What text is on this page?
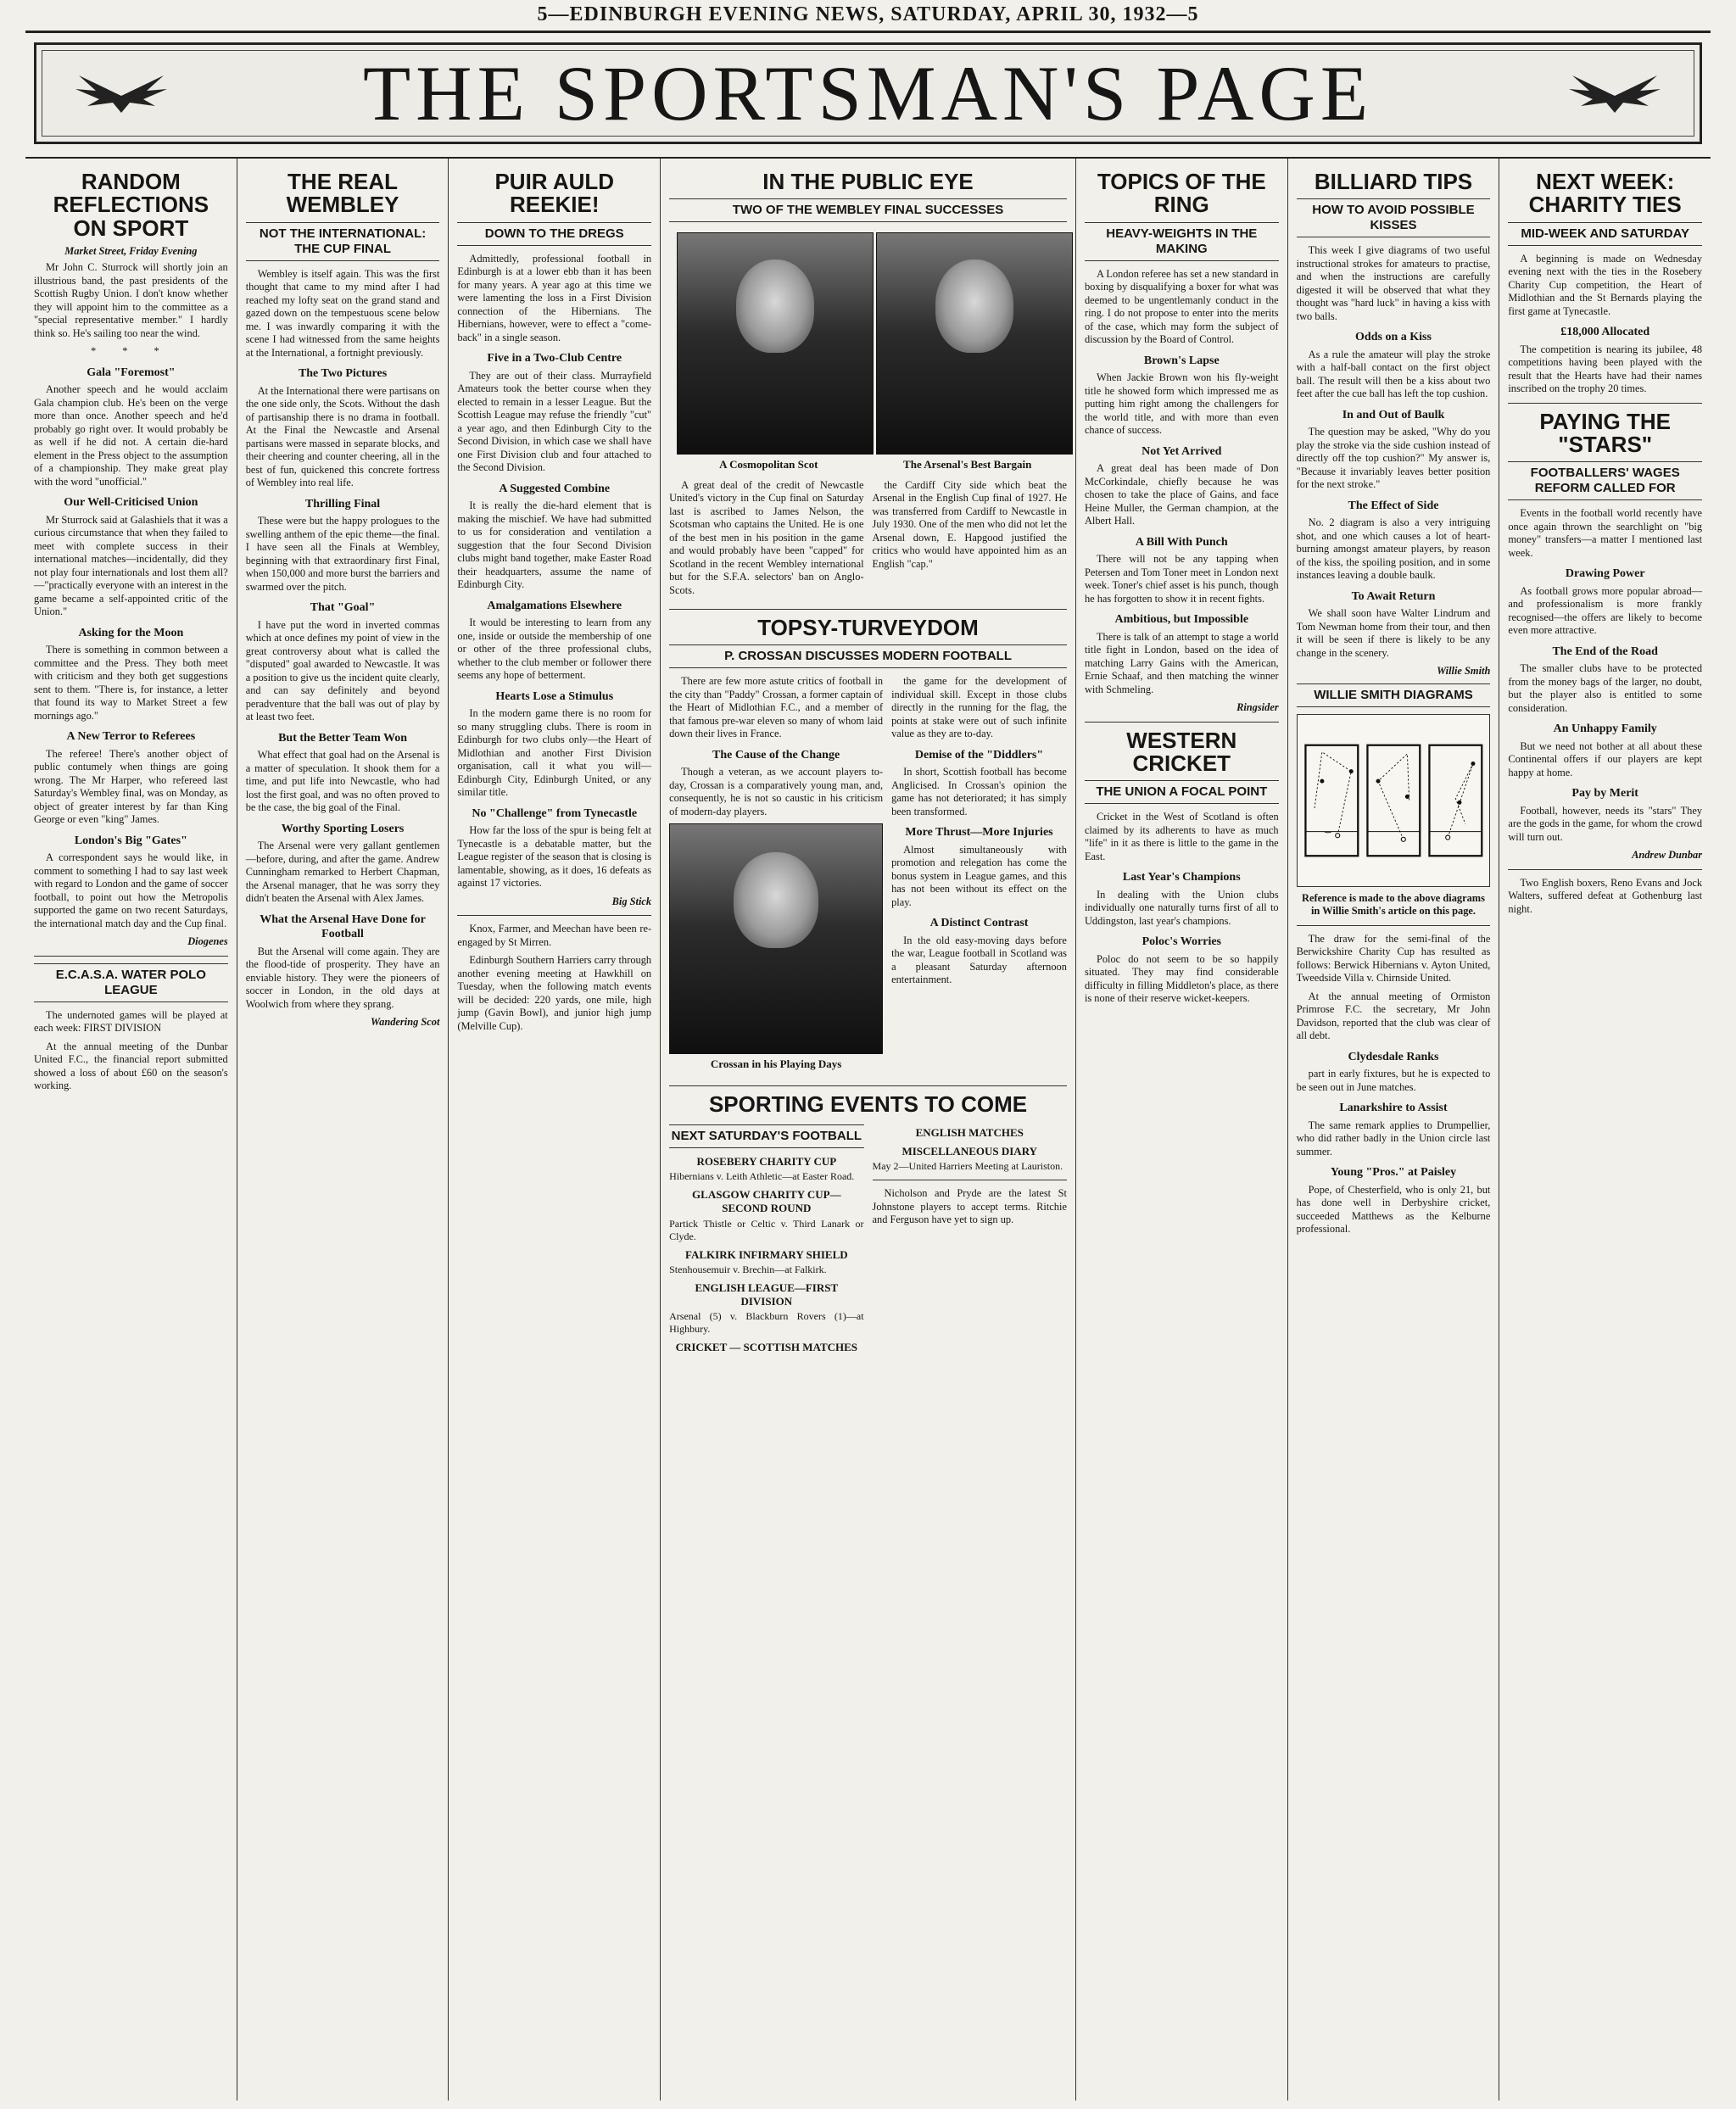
5—EDINBURGH EVENING NEWS, SATURDAY, APRIL 30, 1932—5
THE SPORTSMAN'S PAGE
RANDOM REFLECTIONS ON SPORT
Market Street, Friday Evening

Mr John C. Sturrock will shortly join an illustrious band, the past presidents of the Scottish Rugby Union. I don't know whether they will appoint him to the committee as a "special representative member." I hardly think so. He's sailing too near the wind.

* * *
Gala "Foremost"

Another speech and he would acclaim Gala champion club. He's been on the verge more than once. Another speech and he'd probably go right over. It would probably be as well if he did not. A certain die-hard element in the Press object to the assumption of a championship. They make great play with the word "unofficial."

Our Well-Criticised Union

Mr Sturrock said at Galashiels that it was a curious circumstance that when they failed to meet with complete success in their international matches—incidentally, did they not play four internationals and lost them all?—"practically everyone with an interest in the game became a self-appointed critic of the Union."

Asking for the Moon

There is something in common between a committee and the Press. They both meet with criticism and they both get suggestions sent to them. "There is, for instance, a letter that found its way to Market Street a few mornings ago."

A New Terror to Referees

The referee! There's another object of public contumely when things are going wrong. The Mr Harper, who refereed last Saturday's Wembley final, was on Monday, as object of greater interest by far than King George or even "king" James.

London's Big "Gates"

A correspondent says he would like, in comment to something I had to say last week with regard to London and the game of soccer football, to point out how the Metropolis supported the game on two recent Saturdays, the international match day and the Cup final.

Diogenes
E.C.A.S.A. WATER POLO LEAGUE

The undernoted games will be played at each week: FIRST DIVISION

At the annual meeting of the Dunbar United F.C., the financial report submitted showed a loss of about £60 on the season's working.

THE REAL WEMBLEY
NOT THE INTERNATIONAL: THE CUP FINAL

Wembley is itself again. This was the first thought that came to my mind after I had reached my lofty seat on the grand stand and gazed down on the tempestuous scene below me. I was inwardly comparing it with the scene I had witnessed from the same heights at the International, a fortnight previously.

The Two Pictures

At the International there were partisans on the one side only, the Scots. Without the dash of partisanship there is no drama in football. At the Final the Newcastle and Arsenal partisans were massed in separate blocks, and their cheering and counter cheering, all in the best of fun, quickened this concrete fortress of Wembley into real life.

Thrilling Final

These were but the happy prologues to the swelling anthem of the epic theme—the final. I have seen all the Finals at Wembley, beginning with that extraordinary first Final, when 150,000 and more burst the barriers and swarmed over the pitch.

That "Goal"

I have put the word in inverted commas which at once defines my point of view in the great controversy about what is called the "disputed" goal awarded to Newcastle. It was a position to give us the incident quite clearly, and can say definitely and beyond peradventure that the ball was out of play by at least two feet.

But the Better Team Won

What effect that goal had on the Arsenal is a matter of speculation. It shook them for a time, and put life into Newcastle, who had lost the first goal, and was no often proved to be the case, the big goal of the Final.

Worthy Sporting Losers

The Arsenal were very gallant gentlemen—before, during, and after the game. Andrew Cunningham remarked to Herbert Chapman, the Arsenal manager, that he was sorry they didn't beaten the Arsenal with Alex James.

What the Arsenal Have Done for Football

But the Arsenal will come again. They are the flood-tide of prosperity. They have an enviable history. They were the pioneers of soccer in London, in the old days at Woolwich from where they sprang.

Wandering Scot
PUIR AULD REEKIE!
DOWN TO THE DREGS

Admittedly, professional football in Edinburgh is at a lower ebb than it has been for many years. A year ago at this time we were lamenting the loss in a First Division connection of the Hibernians. The Hibernians, however, were to effect a "come-back" in a single season.

Five in a Two-Club Centre

They are out of their class. Murrayfield Amateurs took the better course when they elected to remain in a lesser League. But the Scottish League may refuse the friendly "cut" a year ago, and then Edinburgh City to the Second Division, in which case we shall have one First Division club and four attached to the Second Division.

A Suggested Combine

It is really the die-hard element that is making the mischief. We have had submitted to us for consideration and ventilation a suggestion that the four Second Division clubs might band together, make Easter Road their headquarters, assume the name of Edinburgh City.

Amalgamations Elsewhere

It would be interesting to learn from any one, inside or outside the membership of one or other of the three professional clubs, whether to the club member or follower there seems any hope of betterment.

Hearts Lose a Stimulus

In the modern game there is no room for so many struggling clubs. There is room in Edinburgh for two clubs only—the Heart of Midlothian and another First Division organisation, call it what you will—Edinburgh City, Edinburgh United, or any similar title.

No "Challenge" from Tynecastle

How far the loss of the spur is being felt at Tynecastle is a debatable matter, but the League register of the season that is closing is lamentable, showing, as it does, 16 defeats as against 17 victories.

Big Stick

Knox, Farmer, and Meechan have been re-engaged by St Mirren.

Edinburgh Southern Harriers carry through another evening meeting at Hawkhill on Tuesday, when the following match events will be decided: 220 yards, one mile, high jump (Gavin Bowl), and junior high jump (Melville Cup).

IN THE PUBLIC EYE
TWO OF THE WEMBLEY FINAL SUCCESSES
A Cosmopolitan Scot	The Arsenal's Best Bargain

A great deal of the credit of Newcastle United's victory in the Cup final on Saturday last is ascribed to James Nelson, the Scotsman who captains the United. He is one of the best men in his position in the game and would probably have been "capped" for Scotland in the recent Wembley international but for the S.F.A. selectors' ban on Anglo-Scots.

the Cardiff City side which beat the Arsenal in the English Cup final of 1927. He was transferred from Cardiff to Newcastle in July 1930. One of the men who did not let the Arsenal down, E. Hapgood justified the critics who would have appointed him as an English "cap."

TOPSY-TURVEYDOM
P. CROSSAN DISCUSSES MODERN FOOTBALL

There are few more astute critics of football in the city than "Paddy" Crossan, a former captain of the Heart of Midlothian F.C., and a member of that famous pre-war eleven so many of whom laid down their lives in France.

The Cause of the Change

Though a veteran, as we account players to-day, Crossan is a comparatively young man, and, consequently, he is not so caustic in his criticism of modern-day players.

Crossan in his Playing Days

the game for the development of individual skill. Except in those clubs directly in the running for the flag, the points at stake were out of such infinite value as they are to-day.

Demise of the "Diddlers"

In short, Scottish football has become Anglicised. In Crossan's opinion the game has not deteriorated; it has simply been transformed.

More Thrust—More Injuries

Almost simultaneously with promotion and relegation has come the bonus system in League games, and this has not been without its effect on the play.

A Distinct Contrast

In the old easy-moving days before the war, League football in Scotland was a pleasant Saturday afternoon entertainment.

SPORTING EVENTS TO COME
NEXT SATURDAY'S FOOTBALL
ROSEBERY CHARITY CUP

Hibernians v. Leith Athletic—at Easter Road.

GLASGOW CHARITY CUP—SECOND ROUND

Partick Thistle or Celtic v. Third Lanark or Clyde.

FALKIRK INFIRMARY SHIELD

Stenhousemuir v. Brechin—at Falkirk.

ENGLISH LEAGUE—FIRST DIVISION

Arsenal (5) v. Blackburn Rovers (1)—at Highbury.

CRICKET — SCOTTISH MATCHES
ENGLISH MATCHES
MISCELLANEOUS DIARY

May 2—United Harriers Meeting at Lauriston.

Nicholson and Pryde are the latest St Johnstone players to accept terms. Ritchie and Ferguson have yet to sign up.

TOPICS OF THE RING
HEAVY-WEIGHTS IN THE MAKING

A London referee has set a new standard in boxing by disqualifying a boxer for what was deemed to be ungentlemanly conduct in the ring. I do not propose to enter into the merits of the case, which may form the subject of discussion by the Board of Control.

Brown's Lapse

When Jackie Brown won his fly-weight title he showed form which impressed me as putting him right among the challengers for the world title, and with more than even chance of success.

Not Yet Arrived

A great deal has been made of Don McCorkindale, chiefly because he was chosen to take the place of Gains, and face Heine Muller, the German champion, at the Albert Hall.

A Bill With Punch

There will not be any tapping when Petersen and Tom Toner meet in London next week. Toner's chief asset is his punch, though he has forgotten to show it in recent fights.

Ambitious, but Impossible

There is talk of an attempt to stage a world title fight in London, based on the idea of matching Larry Gains with the American, Ernie Schaaf, and then matching the winner with Schmeling.

Ringsider
WESTERN CRICKET
THE UNION A FOCAL POINT

Cricket in the West of Scotland is often claimed by its adherents to have as much "life" in it as there is little to the game in the East.

Last Year's Champions

In dealing with the Union clubs individually one naturally turns first of all to Uddingston, last year's champions.

Poloc's Worries

Poloc do not seem to be so happily situated. They may find considerable difficulty in filling Middleton's place, as there is none of their reserve wicket-keepers.

BILLIARD TIPS
HOW TO AVOID POSSIBLE KISSES

This week I give diagrams of two useful instructional strokes for amateurs to practise, and when the instructions are carefully digested it will be observed that what they thought was "hard luck" in having a kiss with two balls.

Odds on a Kiss

As a rule the amateur will play the stroke with a half-ball contact on the first object ball. The result will then be a kiss about two feet after the cue ball has left the top cushion.

In and Out of Baulk

The question may be asked, "Why do you play the stroke via the side cushion instead of directly off the top cushion?" My answer is, "Because it invariably leaves better position for the next stroke."

The Effect of Side

No. 2 diagram is also a very intriguing shot, and one which causes a lot of heart-burning amongst amateur players, by reason of the kiss, the spoiling position, and in some instances leaving a double baulk.

To Await Return

We shall soon have Walter Lindrum and Tom Newman home from their tour, and then it will be seen if there is likely to be any change in the scenery.

Willie Smith
WILLIE SMITH DIAGRAMS

Reference is made to the above diagrams in Willie Smith's article on this page.

The draw for the semi-final of the Berwickshire Charity Cup has resulted as follows: Berwick Hibernians v. Ayton United, Tweedside Villa v. Chirnside United.

At the annual meeting of Ormiston Primrose F.C. the secretary, Mr John Davidson, reported that the club was clear of all debt.

Clydesdale Ranks

part in early fixtures, but he is expected to be seen out in June matches.

Lanarkshire to Assist

The same remark applies to Drumpellier, who did rather badly in the Union circle last summer.

Young "Pros." at Paisley

Pope, of Chesterfield, who is only 21, but has done well in Derbyshire cricket, succeeded Matthews as the Kelburne professional.

NEXT WEEK: CHARITY TIES
MID-WEEK AND SATURDAY

A beginning is made on Wednesday evening next with the ties in the Rosebery Charity Cup competition, the Heart of Midlothian and the St Bernards playing the first game at Tynecastle.

£18,000 Allocated

The competition is nearing its jubilee, 48 competitions having been played with the result that the Hearts have had their names inscribed on the trophy 20 times.

PAYING THE "STARS"
FOOTBALLERS' WAGES REFORM CALLED FOR

Events in the football world recently have once again thrown the searchlight on "big money" transfers—a matter I mentioned last week.

Drawing Power

As football grows more popular abroad—and professionalism is more frankly recognised—the offers are likely to become even more attractive.

The End of the Road

The smaller clubs have to be protected from the money bags of the larger, no doubt, but the player also is entitled to some consideration.

An Unhappy Family

But we need not bother at all about these Continental offers if our players are kept happy at home.

Pay by Merit

Football, however, needs its "stars" They are the gods in the game, for whom the crowd will turn out.

Andrew Dunbar

Two English boxers, Reno Evans and Jock Walters, suffered defeat at Gothenburg last night.
